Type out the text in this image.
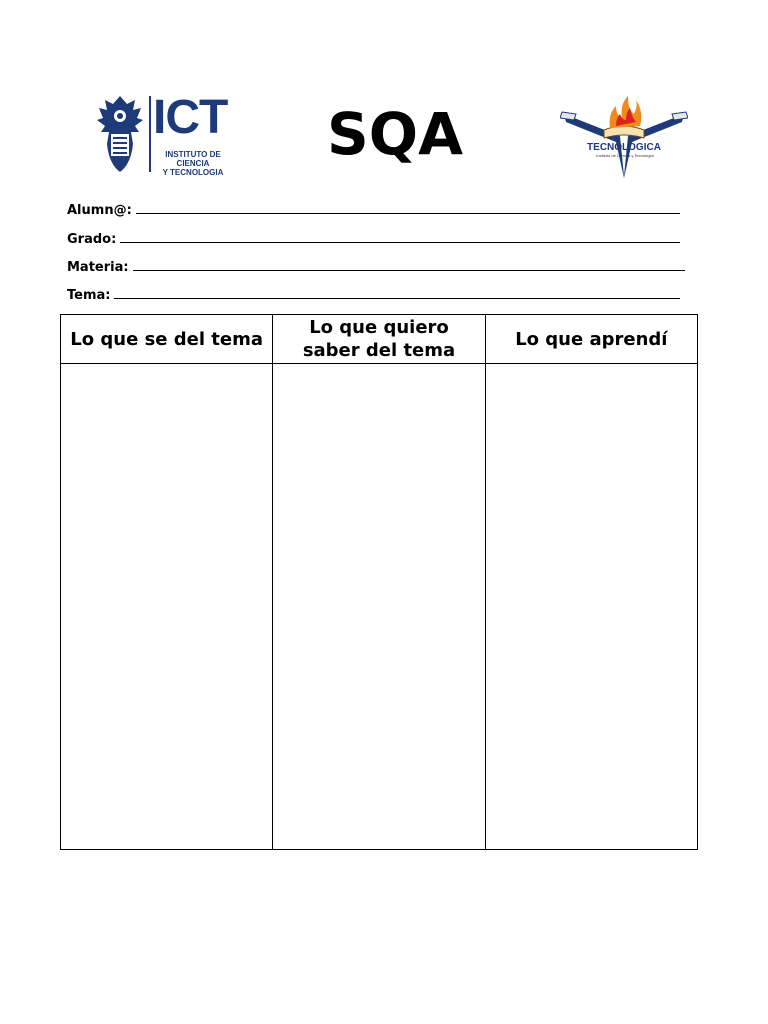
ICT
INSTITUTO DE CIENCIA
Y TECNOLOGIA
SQA	TECNOLÓGICA
Instituto de Ciencia y Tecnología
Alumn@:
Grado:
Materia:
Tema:
Lo que se del tema	Lo que quiero saber del tema	Lo que aprendí
